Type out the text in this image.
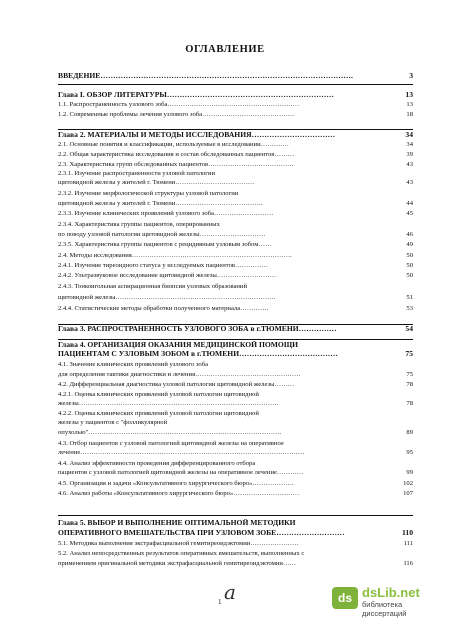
ОГЛАВЛЕНИЕ
ВВЕДЕНИЕ……………………………………………………………………………………….	3
Глава I. ОБЗОР ЛИТЕРАТУРЫ…………………………………………………………	13
1.1. Распространенность узлового зоба……………………………………………………	13
1.2. Современные проблемы лечения узлового зоба……………………………………	18
Глава 2. МАТЕРИАЛЫ И МЕТОДЫ ИССЛЕДОВАНИЯ……………………………	34
2.1. Основные понятия и классификации, используемые в исследовании………….	34
2.2. Общая характеристика исследования и состав обследованных пациентов………	39
2.3. Характеристика групп обследованных пациентов…………………………………	43
2.3.1. Изучение распространенности узловой патологии
щитовидной железы у жителей г. Тюмени………………………………	43
2.3.2. Изучение морфологической структуры узловой патологии
щитовидной железы у жителей г. Тюмени………………………………….	44
2.3.3. Изучение клинических проявлений узлового зоба………………………	45
2.3.4. Характеристика группы пациентов, оперированных
по поводу узловой патологии щитовидной железы…………………………	46
2.3.5. Характеристика группы пациентов с рецидивным узловым зобом……	49
2.4. Методы исследования……………………………………………………………….	50
2.4.1. Изучение тиреоидного статуса у исследуемых пациентов……………	50
2.4.2. Ультразвуковое исследование щитовидной железы………………………	50
2.4.3. Тонкоигольная аспирационная биопсия узловых образований
щитовидной железы……………………………………………………………….	51
2.4.4. Статистические методы обработки полученного материала………….	53
Глава 3. РАСПРОСТРАНЕННОСТЬ УЗЛОВОГО ЗОБА в г.ТЮМЕНИ……………	54
Глава 4. ОРГАНИЗАЦИЯ ОКАЗАНИЯ МЕДИЦИНСКОЙ ПОМОЩИ
ПАЦИЕНТАМ С УЗЛОВЫМ ЗОБОМ в г.ТЮМЕНИ…………………………………	75
4.1. Значение клинических проявлений узлового зоба
для определения тактики диагностики и лечения…………………………………………	75
4.2. Дифференциальная диагностика узловой патологии щитовидной железы………	78
4.2.1. Оценка клинических проявлений узловой патологии щитовидной
железы……………………………………………………………………………….	78
4.2.2. Оценка клинических проявлений узловой патологии щитовидной
железы у пациентов с "фолликулярной
опухолью"…………………………………………………………………………….	89
4.3. Отбор пациентов с узловой патологией щитовидной железы на оперативное
лечение…………………………………………………………………………………………	95
4.4. Анализ эффективности проведения дифференцированного отбора
пациентов с узловой патологией щитовидной железы на оперативное лечение…………	99
4.5. Организация и задачи «Консультативного хирургического бюро»……………….	102
4.6. Анализ работы «Консультативного хирургического бюро»…………………………	107
Глава 5. ВЫБОР И ВЫПОЛНЕНИЕ ОПТИМАЛЬНОЙ МЕТОДИКИ
ОПЕРАТИВНОГО ВМЕШАТЕЛЬСТВА ПРИ УЗЛОВОМ ЗОБЕ………………………	110
5.1. Методика выполнения экстрафасциальной гемитиреоидэктомии………………….	111
5.2. Анализ непосредственных результатов оперативных вмешательств, выполненных с
применением оригинальной методики экстрафасциальной гемитиреоидэктомии……	116
а
1	ds dsLib.net
библиотека диссертаций
